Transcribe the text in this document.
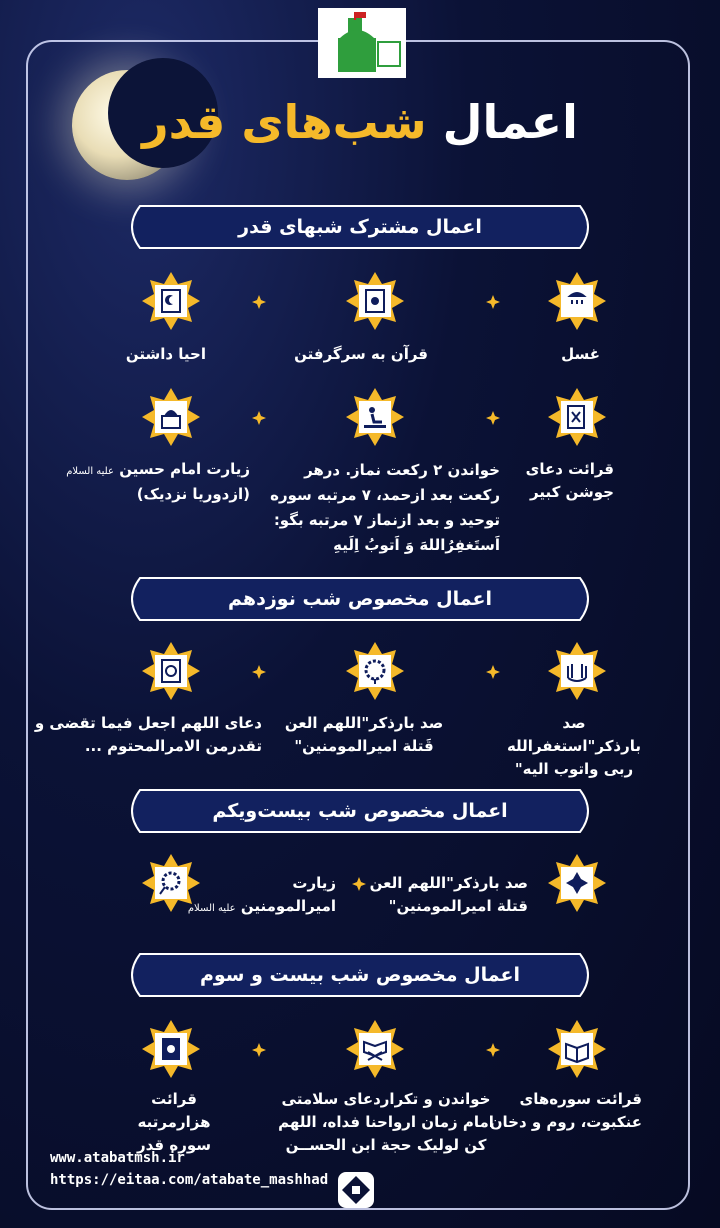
اعمال شب‌های قدر
اعمال مشترک شبهای قدر
اعمال مخصوص شب نوزدهم
اعمال مخصوص شب بیست‌ویکم
اعمال مخصوص شب بیست و سوم
غسل
قرآن به سرگرفتن
احیا داشتن
قرائت دعای
جوشن کبیر
خواندن ۲ رکعت نماز. درهر
رکعت بعد ازحمد، ۷ مرتبه سوره
توحید و بعد ازنماز ۷ مرتبه بگو:
اَستَغفِرُاللهَ وَ اَتوبُ اِلَیهِ
زیارت امام حسین علیه السلام
(ازدوریا نزدیک)
صد بارذکر"استغفرالله
ربی واتوب الیه"
صد بارذکر"اللهم العن
قَتلة امیرالمومنین"
دعای اللهم اجعل فیما تقضی و
تقدرمن الامرالمحتوم ...
صد بارذکر"اللهم العن
قتلة امیرالمومنین"
زیارت
امیرالمومنین علیه السلام
قرائت سوره‌های
عنکبوت، روم و دخان
خواندن و تکراردعای سلامتی
امام زمان ارواحنا فداه، اللهم
کن لولیک حجة ابن الحســن
قرائت هزارمرتبه
سوره قدر
www.atabatmsh.ir
https://eitaa.com/atabate_mashhad
